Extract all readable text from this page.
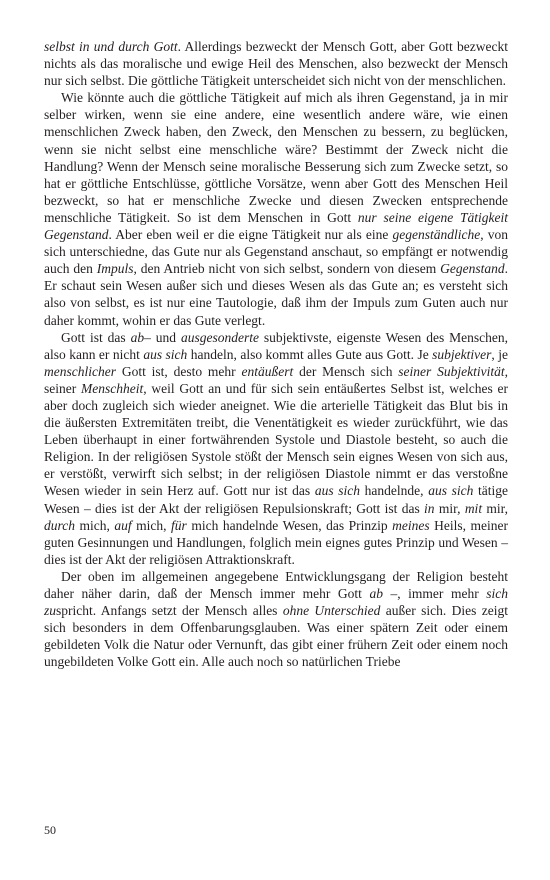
selbst in und durch Gott. Allerdings bezweckt der Mensch Gott, aber Gott bezweckt nichts als das moralische und ewige Heil des Menschen, also bezweckt der Mensch nur sich selbst. Die göttliche Tätigkeit unterscheidet sich nicht von der menschlichen.

Wie könnte auch die göttliche Tätigkeit auf mich als ihren Gegenstand, ja in mir selber wirken, wenn sie eine andere, eine wesentlich andere wäre, wie einen menschlichen Zweck haben, den Zweck, den Menschen zu bessern, zu beglücken, wenn sie nicht selbst eine menschliche wäre? Bestimmt der Zweck nicht die Handlung? Wenn der Mensch seine moralische Besserung sich zum Zwecke setzt, so hat er göttliche Entschlüsse, göttliche Vorsätze, wenn aber Gott des Menschen Heil bezweckt, so hat er menschliche Zwecke und diesen Zwecken entsprechende menschliche Tätigkeit. So ist dem Menschen in Gott nur seine eigene Tätigkeit Gegenstand. Aber eben weil er die eigne Tätigkeit nur als eine gegenständliche, von sich unterschiedne, das Gute nur als Gegenstand anschaut, so empfängt er notwendig auch den Impuls, den Antrieb nicht von sich selbst, sondern von diesem Gegenstand. Er schaut sein Wesen außer sich und dieses Wesen als das Gute an; es versteht sich also von selbst, es ist nur eine Tautologie, daß ihm der Impuls zum Guten auch nur daher kommt, wohin er das Gute verlegt.

Gott ist das ab– und ausgesonderte subjektivste, eigenste Wesen des Menschen, also kann er nicht aus sich handeln, also kommt alles Gute aus Gott. Je subjektiver, je menschlicher Gott ist, desto mehr entäußert der Mensch sich seiner Subjektivität, seiner Menschheit, weil Gott an und für sich sein entäußertes Selbst ist, welches er aber doch zugleich sich wieder aneignet. Wie die arterielle Tätigkeit das Blut bis in die äußersten Extremitäten treibt, die Venentätigkeit es wieder zurückführt, wie das Leben überhaupt in einer fortwährenden Systole und Diastole besteht, so auch die Religion. In der religiösen Systole stößt der Mensch sein eignes Wesen von sich aus, er verstößt, verwirft sich selbst; in der religiösen Diastole nimmt er das verstoßne Wesen wieder in sein Herz auf. Gott nur ist das aus sich handelnde, aus sich tätige Wesen – dies ist der Akt der religiösen Repulsionskraft; Gott ist das in mir, mit mir, durch mich, auf mich, für mich handelnde Wesen, das Prinzip meines Heils, meiner guten Gesinnungen und Handlungen, folglich mein eignes gutes Prinzip und Wesen – dies ist der Akt der religiösen Attraktionskraft.

Der oben im allgemeinen angegebene Entwicklungsgang der Religion besteht daher näher darin, daß der Mensch immer mehr Gott ab –, immer mehr sich zuspricht. Anfangs setzt der Mensch alles ohne Unterschied außer sich. Dies zeigt sich besonders in dem Offenbarungsglauben. Was einer spätern Zeit oder einem gebildeten Volk die Natur oder Vernunft, das gibt einer frühern Zeit oder einem noch ungebildeten Volke Gott ein. Alle auch noch so natürlichen Triebe

50
